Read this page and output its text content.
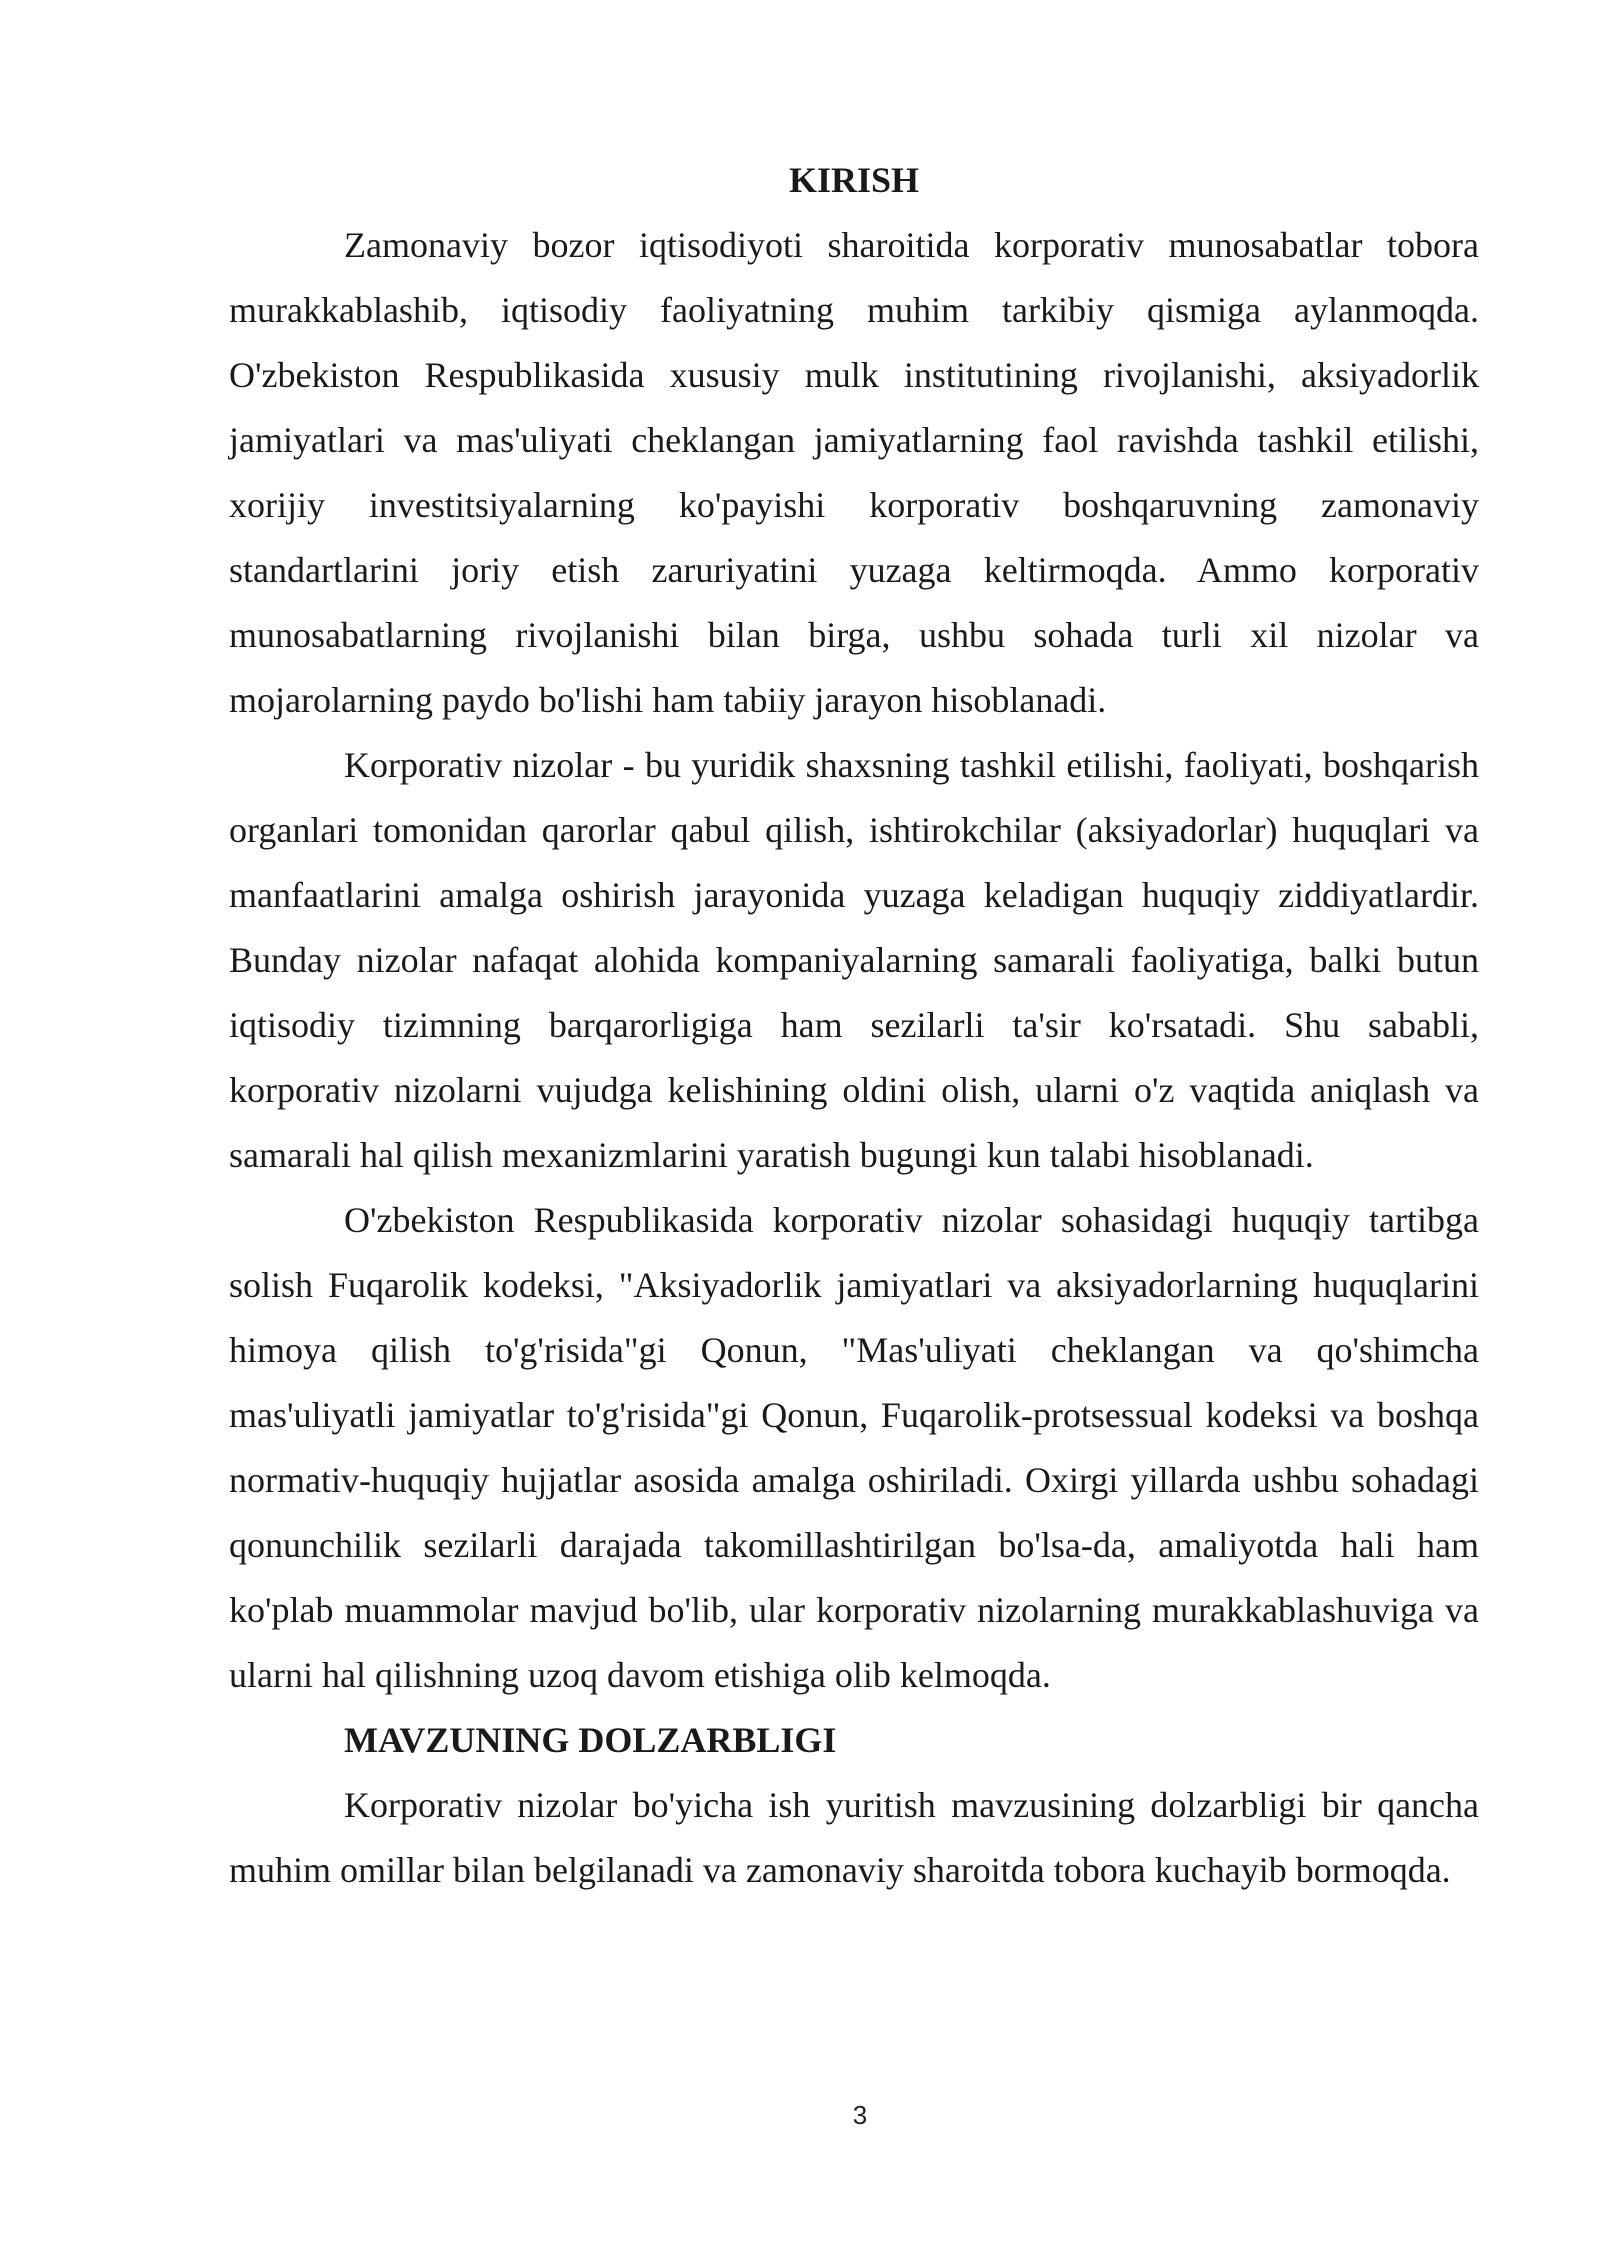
KIRISH

Zamonaviy bozor iqtisodiyoti sharoitida korporativ munosabatlar tobora murakkablashib, iqtisodiy faoliyatning muhim tarkibiy qismiga aylanmoqda. O'zbekiston Respublikasida xususiy mulk institutining rivojlanishi, aksiyadorlik jamiyatlari va mas'uliyati cheklangan jamiyatlarning faol ravishda tashkil etilishi, xorijiy investitsiyalarning ko'payishi korporativ boshqaruvning zamonaviy standartlarini joriy etish zaruriyatini yuzaga keltirmoqda. Ammo korporativ munosabatlarning rivojlanishi bilan birga, ushbu sohada turli xil nizolar va mojarolarning paydo bo'lishi ham tabiiy jarayon hisoblanadi.

Korporativ nizolar - bu yuridik shaxsning tashkil etilishi, faoliyati, boshqarish organlari tomonidan qarorlar qabul qilish, ishtirokchilar (aksiyadorlar) huquqlari va manfaatlarini amalga oshirish jarayonida yuzaga keladigan huquqiy ziddiyatlardir. Bunday nizolar nafaqat alohida kompaniyalarning samarali faoliyatiga, balki butun iqtisodiy tizimning barqarorligiga ham sezilarli ta'sir ko'rsatadi. Shu sababli, korporativ nizolarni vujudga kelishining oldini olish, ularni o'z vaqtida aniqlash va samarali hal qilish mexanizmlarini yaratish bugungi kun talabi hisoblanadi.

O'zbekiston Respublikasida korporativ nizolar sohasidagi huquqiy tartibga solish Fuqarolik kodeksi, "Aksiyadorlik jamiyatlari va aksiyadorlarning huquqlarini himoya qilish to'g'risida"gi Qonun, "Mas'uliyati cheklangan va qo'shimcha mas'uliyatli jamiyatlar to'g'risida"gi Qonun, Fuqarolik-protsessual kodeksi va boshqa normativ-huquqiy hujjatlar asosida amalga oshiriladi. Oxirgi yillarda ushbu sohadagi qonunchilik sezilarli darajada takomillashtirilgan bo'lsa-da, amaliyotda hali ham ko'plab muammolar mavjud bo'lib, ular korporativ nizolarning murakkablashuviga va ularni hal qilishning uzoq davom etishiga olib kelmoqda.

MAVZUNING DOLZARBLIGI

Korporativ nizolar bo'yicha ish yuritish mavzusining dolzarbligi bir qancha muhim omillar bilan belgilanadi va zamonaviy sharoitda tobora kuchayib bormoqda.

3
